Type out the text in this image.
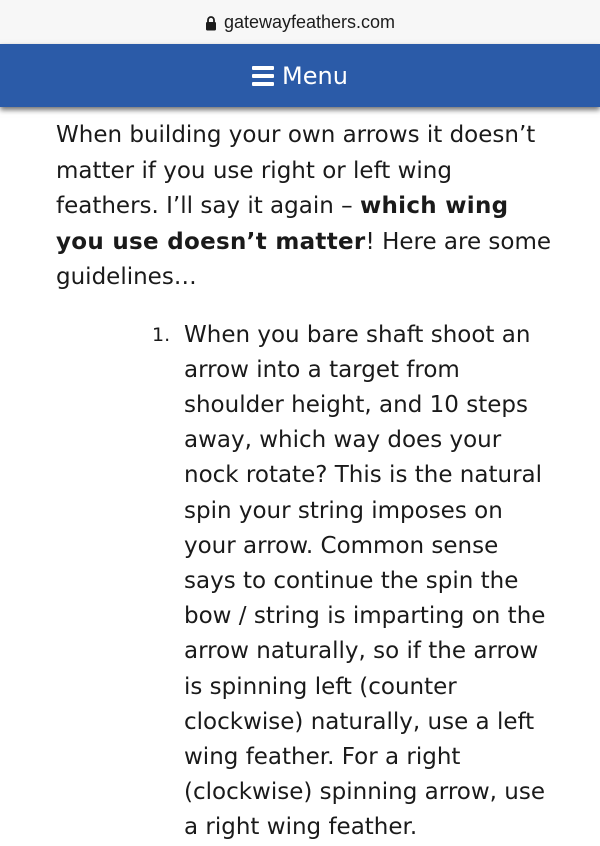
gatewayfeathers.com
Menu

When building your own arrows it doesn’t matter if you use right or left wing feathers. I’ll say it again – which wing you use doesn’t matter! Here are some guidelines…

1. When you bare shaft shoot an arrow into a target from shoulder height, and 10 steps away, which way does your nock rotate? This is the natural spin your string imposes on your arrow. Common sense says to continue the spin the bow / string is imparting on the arrow naturally, so if the arrow is spinning left (counter clockwise) naturally, use a left wing feather. For a right (clockwise) spinning arrow, use a right wing feather.
